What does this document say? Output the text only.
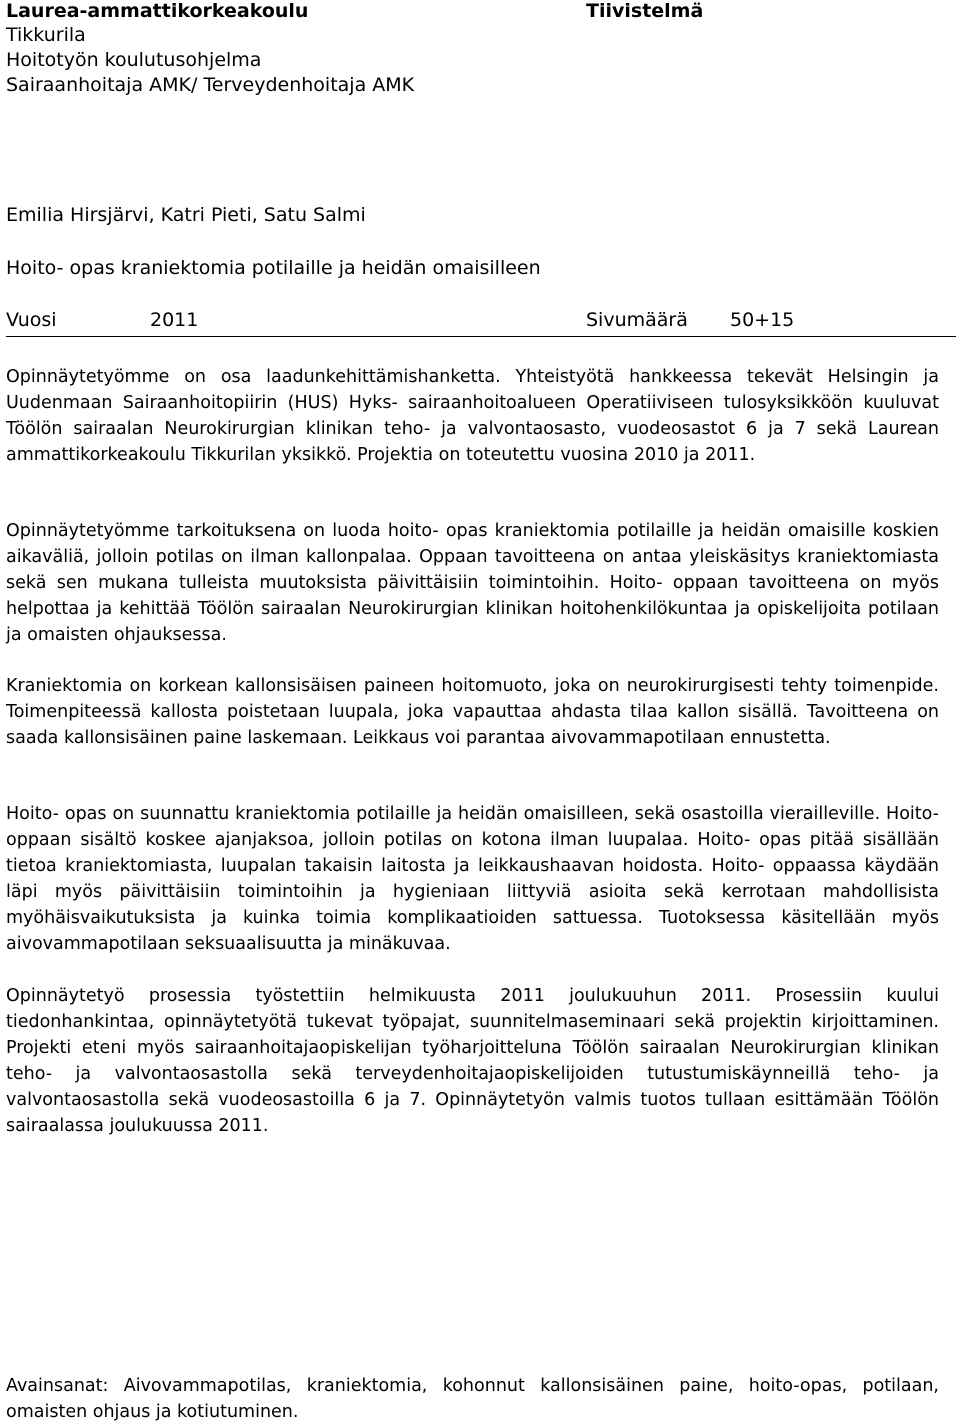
Laurea-ammattikorkeakoulu	Tiivistelmä
Tikkurila
Hoitotyön koulutusohjelma
Sairaanhoitaja AMK/ Terveydenhoitaja AMK
Emilia Hirsjärvi, Katri Pieti, Satu Salmi
Hoito- opas kraniektomia potilaille ja heidän omaisilleen
Vuosi	2011	Sivumäärä 50+15

Opinnäytetyömme on osa laadunkehittämishanketta. Yhteistyötä hankkeessa tekevät Helsingin ja Uudenmaan Sairaanhoitopiirin (HUS) Hyks- sairaanhoitoalueen Operatiiviseen tulosyksikköön kuuluvat Töölön sairaalan Neurokirurgian klinikan teho- ja valvontaosasto, vuodeosastot 6 ja 7 sekä Laurean ammattikorkeakoulu Tikkurilan yksikkö. Projektia on toteutettu vuosina 2010 ja 2011.

Opinnäytetyömme tarkoituksena on luoda hoito- opas kraniektomia potilaille ja heidän omaisille koskien aikaväliä, jolloin potilas on ilman kallonpalaa. Oppaan tavoitteena on antaa yleiskäsitys kraniektomiasta sekä sen mukana tulleista muutoksista päivittäisiin toimintoihin. Hoito- oppaan tavoitteena on myös helpottaa ja kehittää Töölön sairaalan Neurokirurgian klinikan hoitohenkilökuntaa ja opiskelijoita potilaan ja omaisten ohjauksessa.

Kraniektomia on korkean kallonsisäisen paineen hoitomuoto, joka on neurokirurgisesti tehty toimenpide. Toimenpiteessä kallosta poistetaan luupala, joka vapauttaa ahdasta tilaa kallon sisällä. Tavoitteena on saada kallonsisäinen paine laskemaan. Leikkaus voi parantaa aivovammapotilaan ennustetta.

Hoito- opas on suunnattu kraniektomia potilaille ja heidän omaisilleen, sekä osastoilla vierailleville. Hoito- oppaan sisältö koskee ajanjaksoa, jolloin potilas on kotona ilman luupalaa. Hoito- opas pitää sisällään tietoa kraniektomiasta, luupalan takaisin laitosta ja leikkaushaavan hoidosta. Hoito- oppaassa käydään läpi myös päivittäisiin toimintoihin ja hygieniaan liittyviä asioita sekä kerrotaan mahdollisista myöhäisvaikutuksista ja kuinka toimia komplikaatioiden sattuessa. Tuotoksessa käsitellään myös aivovammapotilaan seksuaalisuutta ja minäkuvaa.

Opinnäytetyö prosessia työstettiin helmikuusta 2011 joulukuuhun 2011. Prosessiin kuului tiedonhankintaa, opinnäytetyötä tukevat työpajat, suunnitelmaseminaari sekä projektin kirjoittaminen. Projekti eteni myös sairaanhoitajaopiskelijan työharjoitteluna Töölön sairaalan Neurokirurgian klinikan teho- ja valvontaosastolla sekä terveydenhoitajaopiskelijoiden tutustumiskäynneillä teho- ja valvontaosastolla sekä vuodeosastoilla 6 ja 7. Opinnäytetyön valmis tuotos tullaan esittämään Töölön sairaalassa joulukuussa 2011.

Avainsanat: Aivovammapotilas, kraniektomia, kohonnut kallonsisäinen paine, hoito-opas, potilaan, omaisten ohjaus ja kotiutuminen.
